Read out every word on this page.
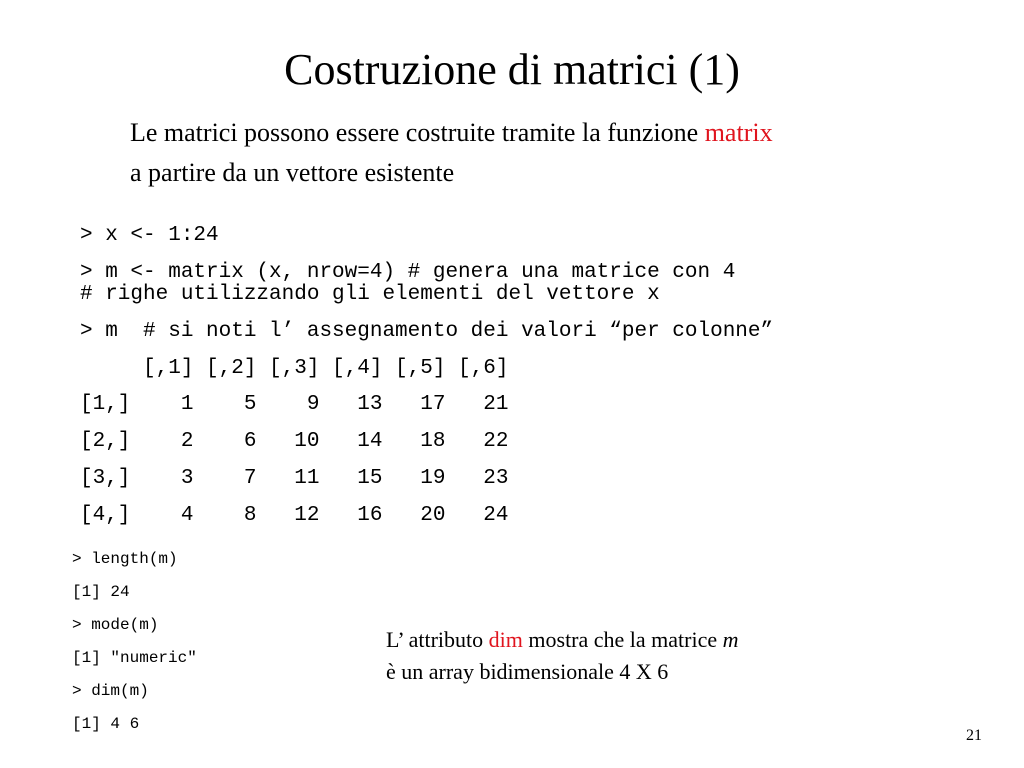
Costruzione di matrici (1)
Le matrici possono essere costruite tramite la funzione matrix
a partire da un vettore esistente
> x <- 1:24
> m <- matrix (x, nrow=4) # genera una matrice con 4
# righe utilizzando gli elementi del vettore x
> m  # si noti l’ assegnamento dei valori “per colonne”
[,1] [,2] [,3] [,4] [,5] [,6]
[1,]    1    5    9   13   17   21
[2,]    2    6   10   14   18   22
[3,]    3    7   11   15   19   23
[4,]    4    8   12   16   20   24
> length(m)
[1] 24
> mode(m)
[1] "numeric"
> dim(m)
[1] 4 6
L’ attributo dim mostra che la matrice m è un array bidimensionale 4 X 6
21
